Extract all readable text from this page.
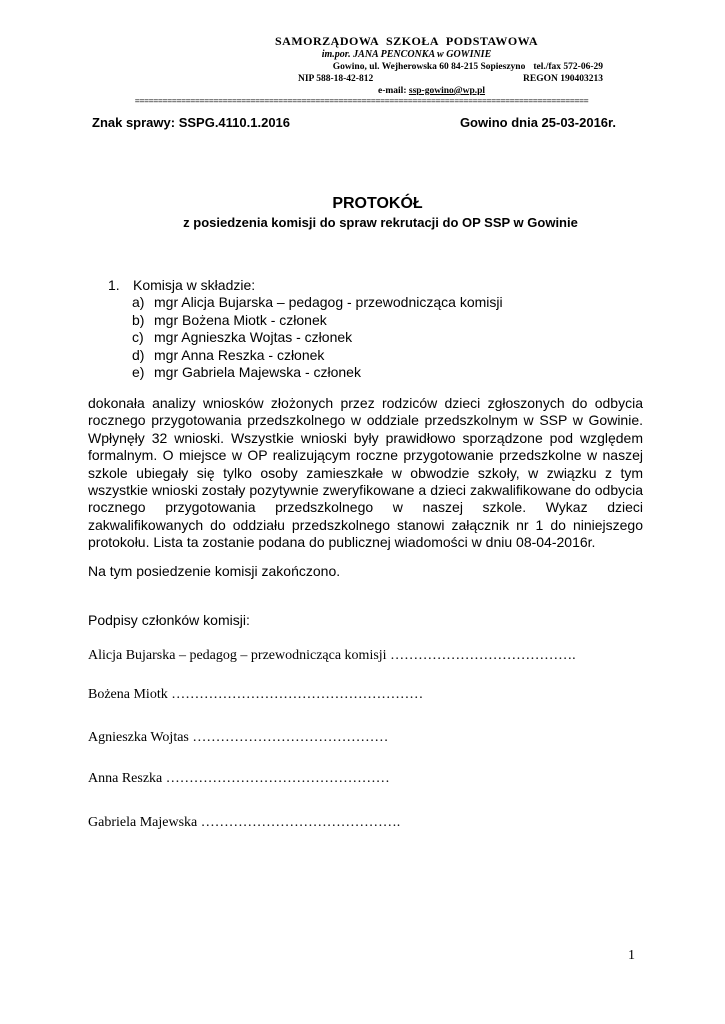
SAMORZĄDOWA SZKOŁA PODSTAWOWA
im.por. JANA PENCONKA w GOWINIE
Gowino, ul. Wejherowska 60 84-215 Sopieszyno tel./fax 572-06-29
NIP 588-18-42-812	REGON 190403213
e-mail: ssp-gowino@wp.pl
==================================================================================================
Znak sprawy: SSPG.4110.1.2016	Gowino dnia 25-03-2016r.
PROTOKÓŁ
z posiedzenia komisji do spraw rekrutacji do OP SSP w Gowinie
1. Komisja w składzie:
a) mgr Alicja Bujarska – pedagog - przewodnicząca komisji
b) mgr Bożena Miotk - członek
c) mgr Agnieszka Wojtas - członek
d) mgr Anna Reszka - członek
e) mgr Gabriela Majewska - członek

dokonała analizy wniosków złożonych przez rodziców dzieci zgłoszonych do odbycia rocznego przygotowania przedszkolnego w oddziale przedszkolnym w SSP w Gowinie. Wpłynęły 32 wnioski. Wszystkie wnioski były prawidłowo sporządzone pod względem formalnym. O miejsce w OP realizującym roczne przygotowanie przedszkolne w naszej szkole ubiegały się tylko osoby zamieszkałe w obwodzie szkoły, w związku z tym wszystkie wnioski zostały pozytywnie zweryfikowane a dzieci zakwalifikowane do odbycia rocznego przygotowania przedszkolnego w naszej szkole. Wykaz dzieci zakwalifikowanych do oddziału przedszkolnego stanowi załącznik nr 1 do niniejszego protokołu. Lista ta zostanie podana do publicznej wiadomości w dniu 08-04-2016r.

Na tym posiedzenie komisji zakończono.
Podpisy członków komisji:
Alicja Bujarska – pedagog – przewodnicząca komisji ………………………………….
Bożena Miotk ………………………………………………
Agnieszka Wojtas ……………………………………
Anna Reszka …………………………………………
Gabriela Majewska …………………………………….
1
